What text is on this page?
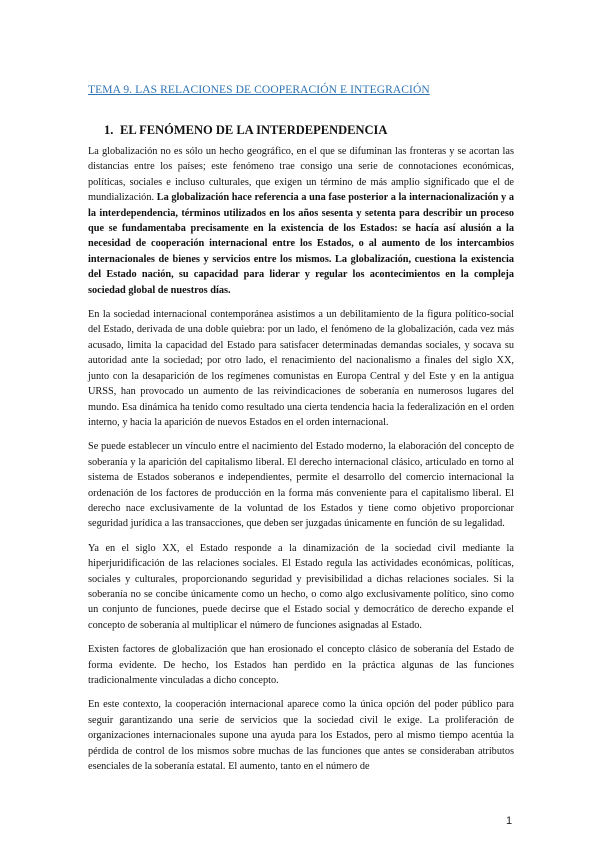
TEMA 9. LAS RELACIONES DE COOPERACIÓN E INTEGRACIÓN
1. EL FENÓMENO DE LA INTERDEPENDENCIA

La globalización no es sólo un hecho geográfico, en el que se difuminan las fronteras y se acortan las distancias entre los países; este fenómeno trae consigo una serie de connotaciones económicas, políticas, sociales e incluso culturales, que exigen un término de más amplio significado que el de mundialización. La globalización hace referencia a una fase posterior a la internacionalización y a la interdependencia, términos utilizados en los años sesenta y setenta para describir un proceso que se fundamentaba precisamente en la existencia de los Estados: se hacía así alusión a la necesidad de cooperación internacional entre los Estados, o al aumento de los intercambios internacionales de bienes y servicios entre los mismos. La globalización, cuestiona la existencia del Estado nación, su capacidad para liderar y regular los acontecimientos en la compleja sociedad global de nuestros días.

En la sociedad internacional contemporánea asistimos a un debilitamiento de la figura político-social del Estado, derivada de una doble quiebra: por un lado, el fenómeno de la globalización, cada vez más acusado, limita la capacidad del Estado para satisfacer determinadas demandas sociales, y socava su autoridad ante la sociedad; por otro lado, el renacimiento del nacionalismo a finales del siglo XX, junto con la desaparición de los regímenes comunistas en Europa Central y del Este y en la antigua URSS, han provocado un aumento de las reivindicaciones de soberanía en numerosos lugares del mundo. Esa dinámica ha tenido como resultado una cierta tendencia hacia la federalización en el orden interno, y hacia la aparición de nuevos Estados en el orden internacional.

Se puede establecer un vínculo entre el nacimiento del Estado moderno, la elaboración del concepto de soberanía y la aparición del capitalismo liberal. El derecho internacional clásico, articulado en torno al sistema de Estados soberanos e independientes, permite el desarrollo del comercio internacional la ordenación de los factores de producción en la forma más conveniente para el capitalismo liberal. El derecho nace exclusivamente de la voluntad de los Estados y tiene como objetivo proporcionar seguridad jurídica a las transacciones, que deben ser juzgadas únicamente en función de su legalidad.

Ya en el siglo XX, el Estado responde a la dinamización de la sociedad civil mediante la hiperjuridificación de las relaciones sociales. El Estado regula las actividades económicas, políticas, sociales y culturales, proporcionando seguridad y previsibilidad a dichas relaciones sociales. Si la soberanía no se concibe únicamente como un hecho, o como algo exclusivamente político, sino como un conjunto de funciones, puede decirse que el Estado social y democrático de derecho expande el concepto de soberanía al multiplicar el número de funciones asignadas al Estado.

Existen factores de globalización que han erosionado el concepto clásico de soberanía del Estado de forma evidente. De hecho, los Estados han perdido en la práctica algunas de las funciones tradicionalmente vinculadas a dicho concepto.

En este contexto, la cooperación internacional aparece como la única opción del poder público para seguir garantizando una serie de servicios que la sociedad civil le exige. La proliferación de organizaciones internacionales supone una ayuda para los Estados, pero al mismo tiempo acentúa la pérdida de control de los mismos sobre muchas de las funciones que antes se consideraban atributos esenciales de la soberanía estatal. El aumento, tanto en el número de

1
